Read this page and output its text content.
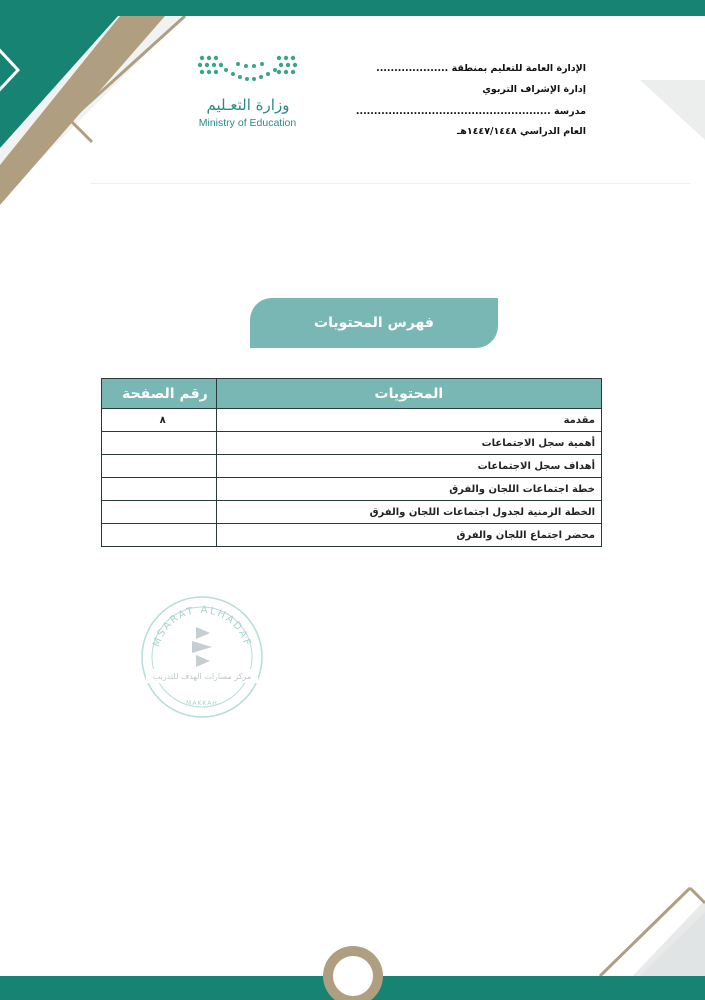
وزارة التعـليم
Ministry of Education
الإدارة العامة للتعليم بمنطقة ....................
إدارة الإشراف التربوي
مدرسة ......................................................
العام الدراسي ١٤٤٧/١٤٤٨هـ
فهرس المحتويات
المحتويات	رقم الصفحة
مقدمة	٨
أهمية سجل الاجتماعات	
أهداف سجل الاجتماعات	
خطة اجتماعات اللجان والفرق	
الخطة الزمنية لجدول اجتماعات اللجان والفرق	
محضر اجتماع اللجان والفرق	
MSARAT ALHADAF
مركز مسارات الهدف للتدريب
MAKKAH
